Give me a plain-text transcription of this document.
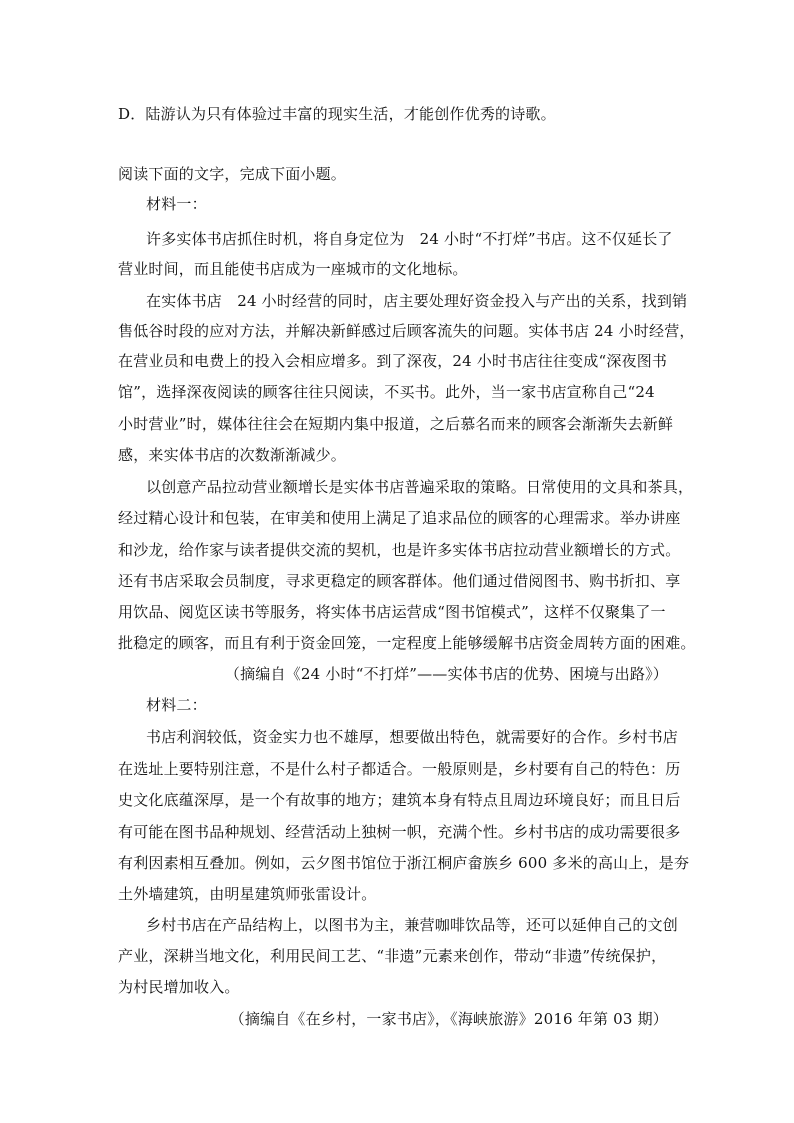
D．陆游认为只有体验过丰富的现实生活，才能创作优秀的诗歌。
阅读下面的文字，完成下面小题。
材料一：
许多实体书店抓住时机，将自身定位为　24 小时“不打烊”书店。这不仅延长了
营业时间，而且能使书店成为一座城市的文化地标。
在实体书店　24 小时经营的同时，店主要处理好资金投入与产出的关系，找到销
售低谷时段的应对方法，并解决新鲜感过后顾客流失的问题。实体书店 24 小时经营，
在营业员和电费上的投入会相应增多。到了深夜，24 小时书店往往变成“深夜图书
馆”，选择深夜阅读的顾客往往只阅读，不买书。此外，当一家书店宣称自己“24
小时营业”时，媒体往往会在短期内集中报道，之后慕名而来的顾客会渐渐失去新鲜
感，来实体书店的次数渐渐减少。
以创意产品拉动营业额增长是实体书店普遍采取的策略。日常使用的文具和茶具，
经过精心设计和包装，在审美和使用上满足了追求品位的顾客的心理需求。举办讲座
和沙龙，给作家与读者提供交流的契机，也是许多实体书店拉动营业额增长的方式。
还有书店采取会员制度，寻求更稳定的顾客群体。他们通过借阅图书、购书折扣、享
用饮品、阅览区读书等服务，将实体书店运营成“图书馆模式”，这样不仅聚集了一
批稳定的顾客，而且有利于资金回笼，一定程度上能够缓解书店资金周转方面的困难。
（摘编自《24 小时“不打烊”——实体书店的优势、困境与出路》）
材料二：
书店利润较低，资金实力也不雄厚，想要做出特色，就需要好的合作。乡村书店
在选址上要特别注意，不是什么村子都适合。一般原则是，乡村要有自己的特色：历
史文化底蕴深厚，是一个有故事的地方；建筑本身有特点且周边环境良好；而且日后
有可能在图书品种规划、经营活动上独树一帜，充满个性。乡村书店的成功需要很多
有利因素相互叠加。例如，云夕图书馆位于浙江桐庐畲族乡 600 多米的高山上，是夯
土外墙建筑，由明星建筑师张雷设计。
乡村书店在产品结构上，以图书为主，兼营咖啡饮品等，还可以延伸自己的文创
产业，深耕当地文化，利用民间工艺、“非遗”元素来创作，带动“非遗”传统保护，
为村民增加收入。
（摘编自《在乡村，一家书店》，《海峡旅游》2016 年第 03 期）
